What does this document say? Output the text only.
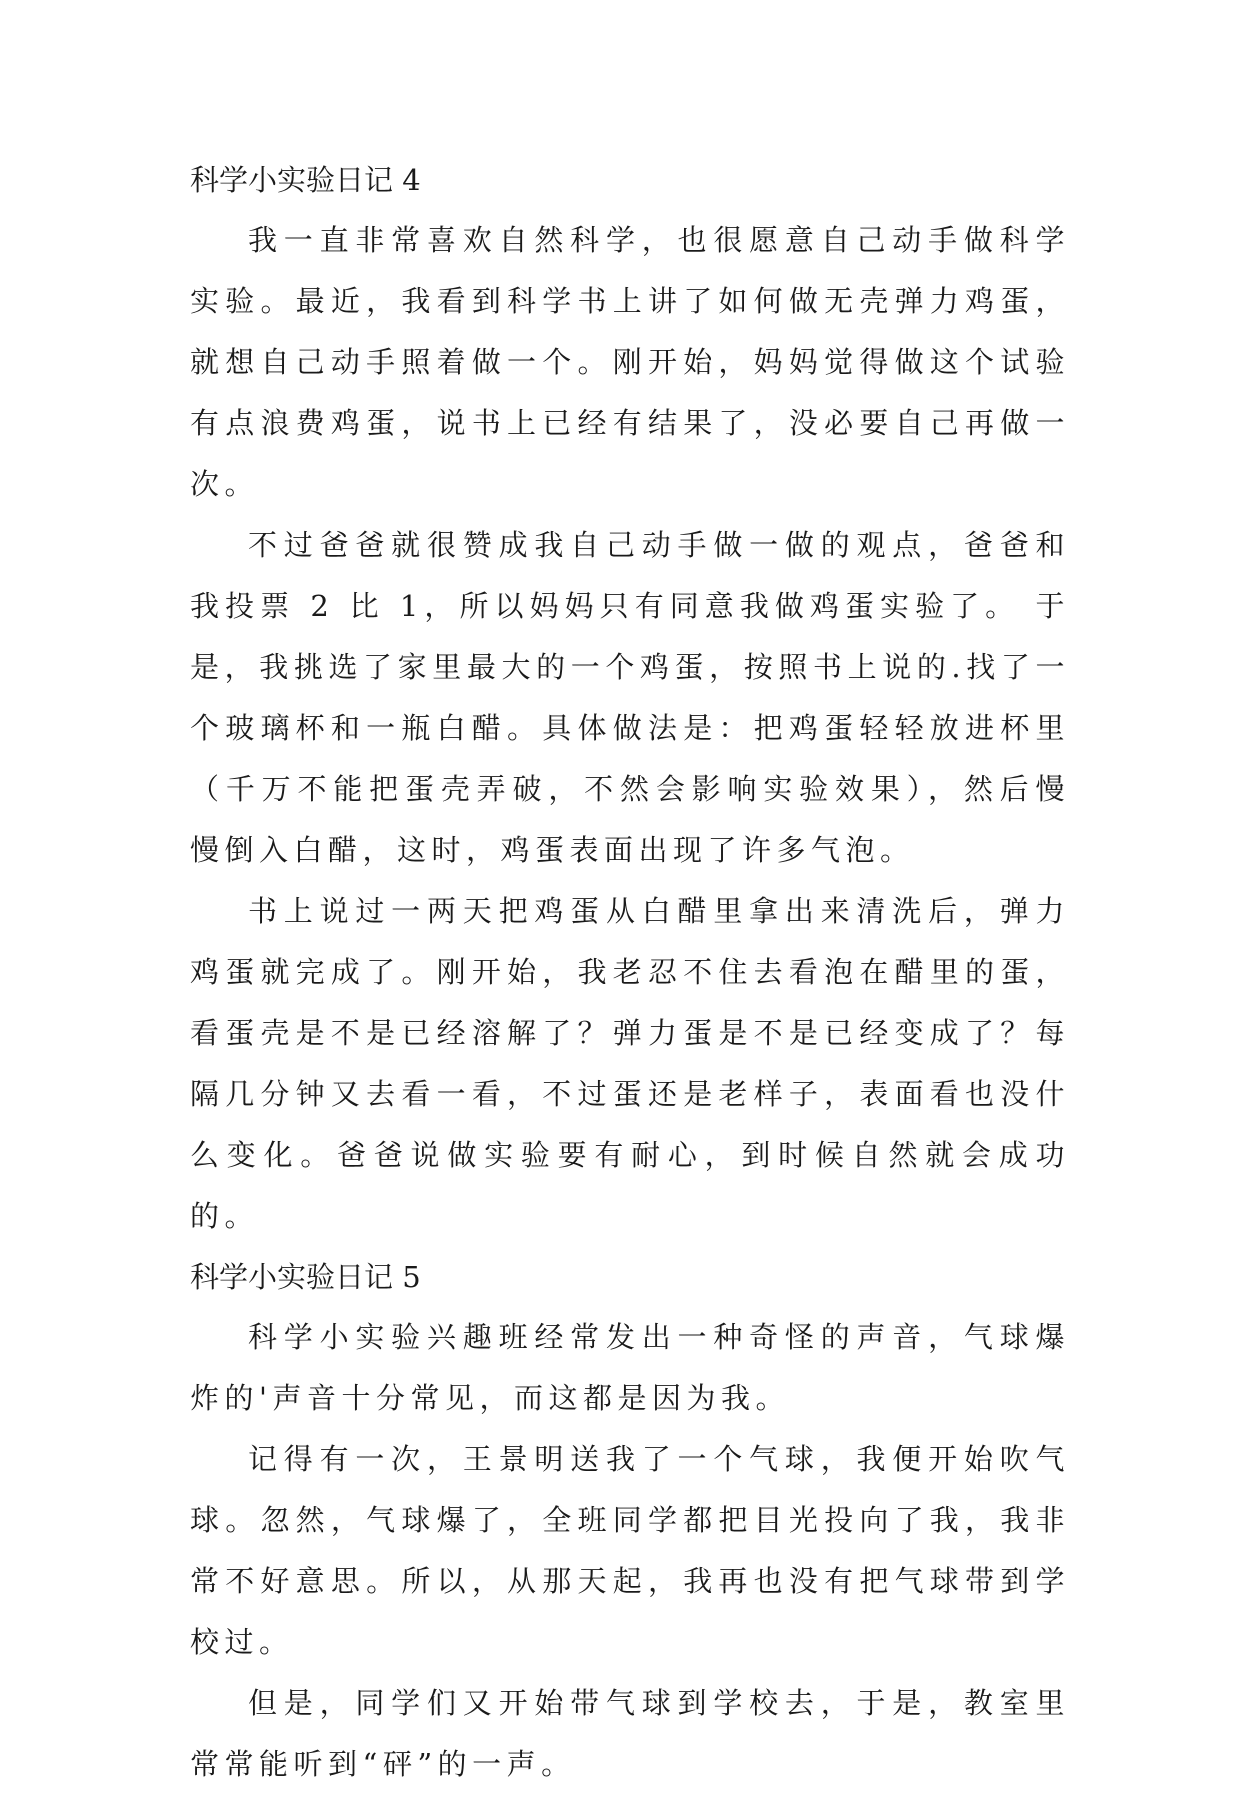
科学小实验日记 4

我一直非常喜欢自然科学，也很愿意自己动手做科学实验。最近，我看到科学书上讲了如何做无壳弹力鸡蛋，就想自己动手照着做一个。刚开始，妈妈觉得做这个试验有点浪费鸡蛋，说书上已经有结果了，没必要自己再做一次。

不过爸爸就很赞成我自己动手做一做的观点，爸爸和我投票 2 比 1，所以妈妈只有同意我做鸡蛋实验了。 于是，我挑选了家里最大的一个鸡蛋，按照书上说的.找了一个玻璃杯和一瓶白醋。具体做法是：把鸡蛋轻轻放进杯里（千万不能把蛋壳弄破，不然会影响实验效果），然后慢慢倒入白醋，这时，鸡蛋表面出现了许多气泡。

书上说过一两天把鸡蛋从白醋里拿出来清洗后，弹力鸡蛋就完成了。刚开始，我老忍不住去看泡在醋里的蛋，看蛋壳是不是已经溶解了？弹力蛋是不是已经变成了？每隔几分钟又去看一看，不过蛋还是老样子，表面看也没什么变化。爸爸说做实验要有耐心，到时候自然就会成功的。

科学小实验日记 5

科学小实验兴趣班经常发出一种奇怪的声音，气球爆炸的'声音十分常见，而这都是因为我。

记得有一次，王景明送我了一个气球，我便开始吹气球。忽然，气球爆了，全班同学都把目光投向了我，我非常不好意思。所以，从那天起，我再也没有把气球带到学校过。

但是，同学们又开始带气球到学校去，于是，教室里常常能听到“砰”的一声。
